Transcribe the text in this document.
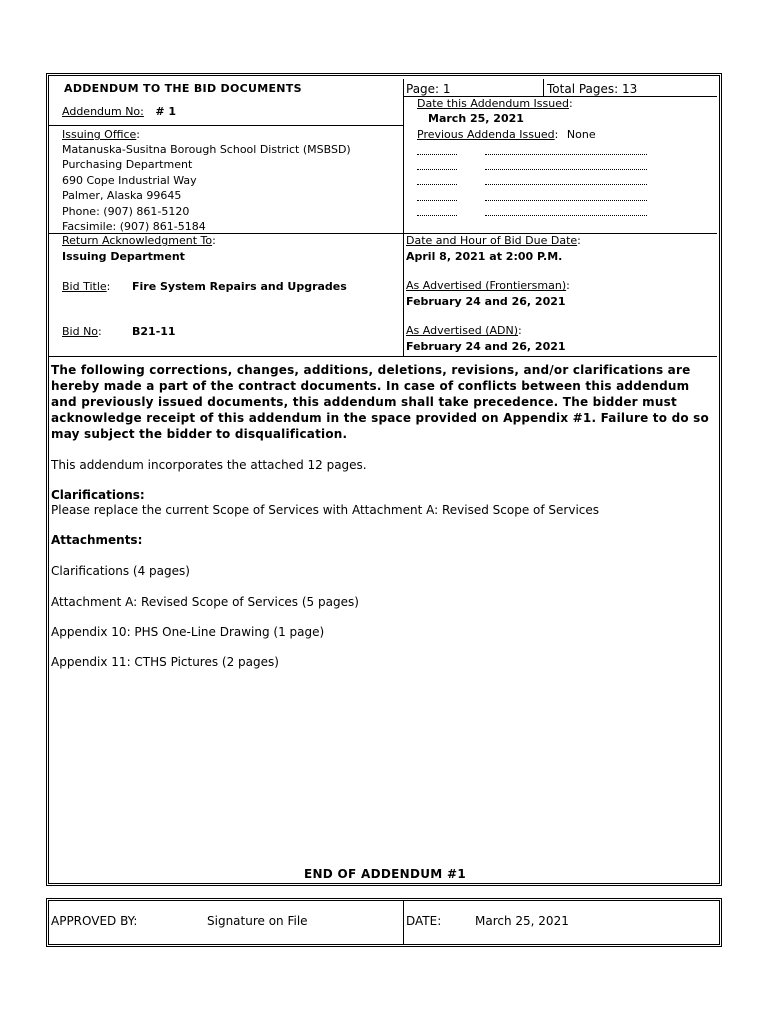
ADDENDUM TO THE BID DOCUMENTS	Page: 1	Total Pages: 13
Addendum No: # 1
Date this Addendum Issued:
March 25, 2021
Issuing Office:
Matanuska-Susitna Borough School District (MSBSD)
Purchasing Department
690 Cope Industrial Way
Palmer, Alaska 99645
Phone: (907) 861-5120
Facsimile: (907) 861-5184
Previous Addenda Issued: None
Return Acknowledgment To:
Issuing Department
Date and Hour of Bid Due Date:
April 8, 2021 at 2:00 P.M.
Bid Title: Fire System Repairs and Upgrades	As Advertised (Frontiersman):
February 24 and 26, 2021
Bid No:	B21-11	As Advertised (ADN):
February 24 and 26, 2021
The following corrections, changes, additions, deletions, revisions, and/or clarifications are hereby made a part of the contract documents. In case of conflicts between this addendum and previously issued documents, this addendum shall take precedence. The bidder must acknowledge receipt of this addendum in the space provided on Appendix #1. Failure to do so may subject the bidder to disqualification.
This addendum incorporates the attached 12 pages.
Clarifications:
Please replace the current Scope of Services with Attachment A: Revised Scope of Services
Attachments:
Clarifications (4 pages)
Attachment A: Revised Scope of Services (5 pages)
Appendix 10: PHS One-Line Drawing (1 page)
Appendix 11: CTHS Pictures (2 pages)
END OF ADDENDUM #1
APPROVED BY:	Signature on File	DATE:	March 25, 2021
